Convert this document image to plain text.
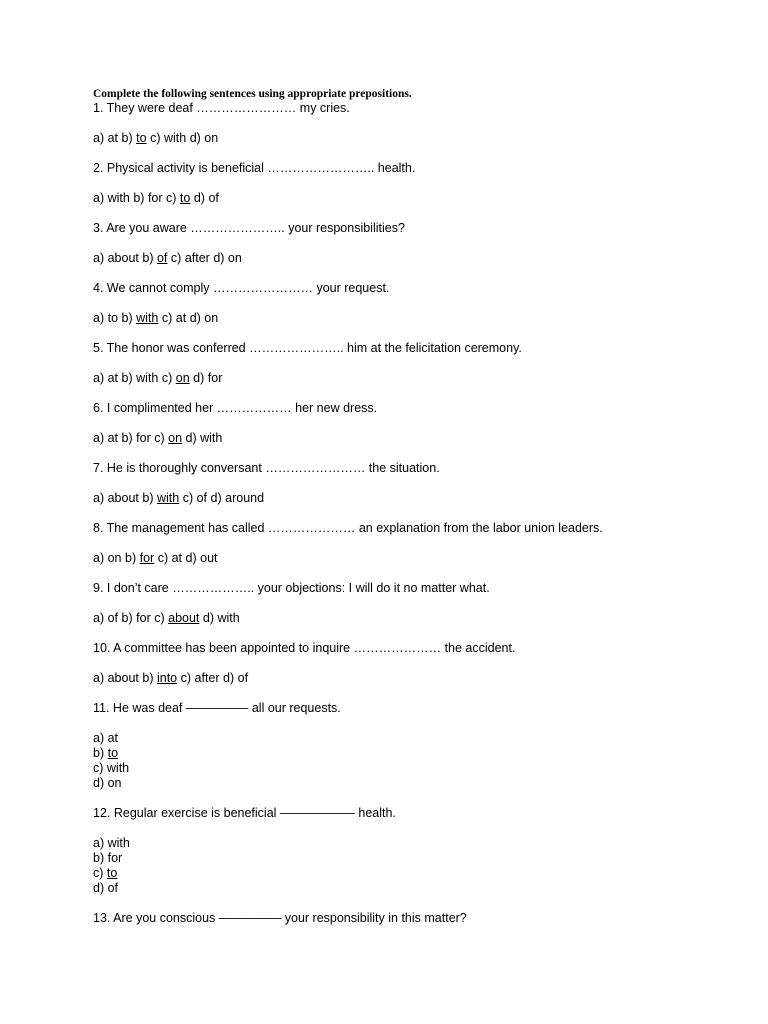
Complete the following sentences using appropriate prepositions.

1. They were deaf …………………… my cries.
a) at b) to c) with d) on
2. Physical activity is beneficial …………………….. health.
a) with b) for c) to d) of
3. Are you aware ………………….. your responsibilities?
a) about b) of c) after d) on
4. We cannot comply …………………… your request.
a) to b) with c) at d) on
5. The honor was conferred ………………….. him at the felicitation ceremony.
a) at b) with c) on d) for
6. I complimented her ……………… her new dress.
a) at b) for c) on d) with
7. He is thoroughly conversant …………………… the situation.
a) about b) with c) of d) around
8. The management has called ………………… an explanation from the labor union leaders.
a) on b) for c) at d) out
9. I don’t care ……………….. your objections: I will do it no matter what.
a) of b) for c) about d) with
10. A committee has been appointed to inquire ………………… the accident.
a) about b) into c) after d) of
11. He was deaf ————— all our requests.
a) at
b) to
c) with
d) on
12. Regular exercise is beneficial —————— health.
a) with
b) for
c) to
d) of
13. Are you conscious ————— your responsibility in this matter?
